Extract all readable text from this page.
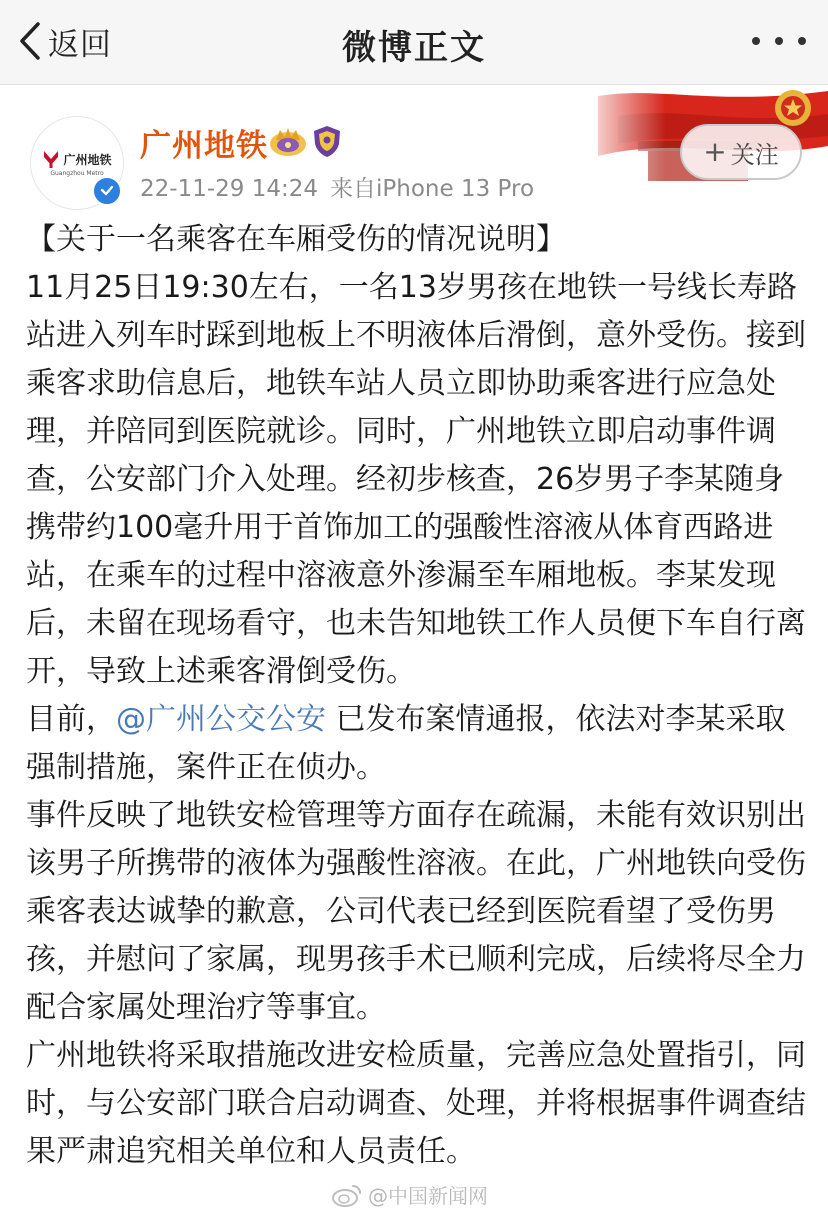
返回	微博正文
广州地铁
Guangzhou Metro
广州地铁
22-11-29 14:24 来自iPhone 13 Pro
+ 关注

【关于一名乘客在车厢受伤的情况说明】

11月25日19:30左右，一名13岁男孩在地铁一号线长寿路站进入列车时踩到地板上不明液体后滑倒，意外受伤。接到乘客求助信息后，地铁车站人员立即协助乘客进行应急处理，并陪同到医院就诊。同时，广州地铁立即启动事件调查，公安部门介入处理。经初步核查，26岁男子李某随身携带约100毫升用于首饰加工的强酸性溶液从体育西路进站，在乘车的过程中溶液意外渗漏至车厢地板。李某发现后，未留在现场看守，也未告知地铁工作人员便下车自行离开，导致上述乘客滑倒受伤。

目前，@广州公交公安 已发布案情通报，依法对李某采取强制措施，案件正在侦办。

事件反映了地铁安检管理等方面存在疏漏，未能有效识别出该男子所携带的液体为强酸性溶液。在此，广州地铁向受伤乘客表达诚挚的歉意，公司代表已经到医院看望了受伤男孩，并慰问了家属，现男孩手术已顺利完成，后续将尽全力配合家属处理治疗等事宜。

广州地铁将采取措施改进安检质量，完善应急处置指引，同时，与公安部门联合启动调查、处理，并将根据事件调查结果严肃追究相关单位和人员责任。

@中国新闻网
